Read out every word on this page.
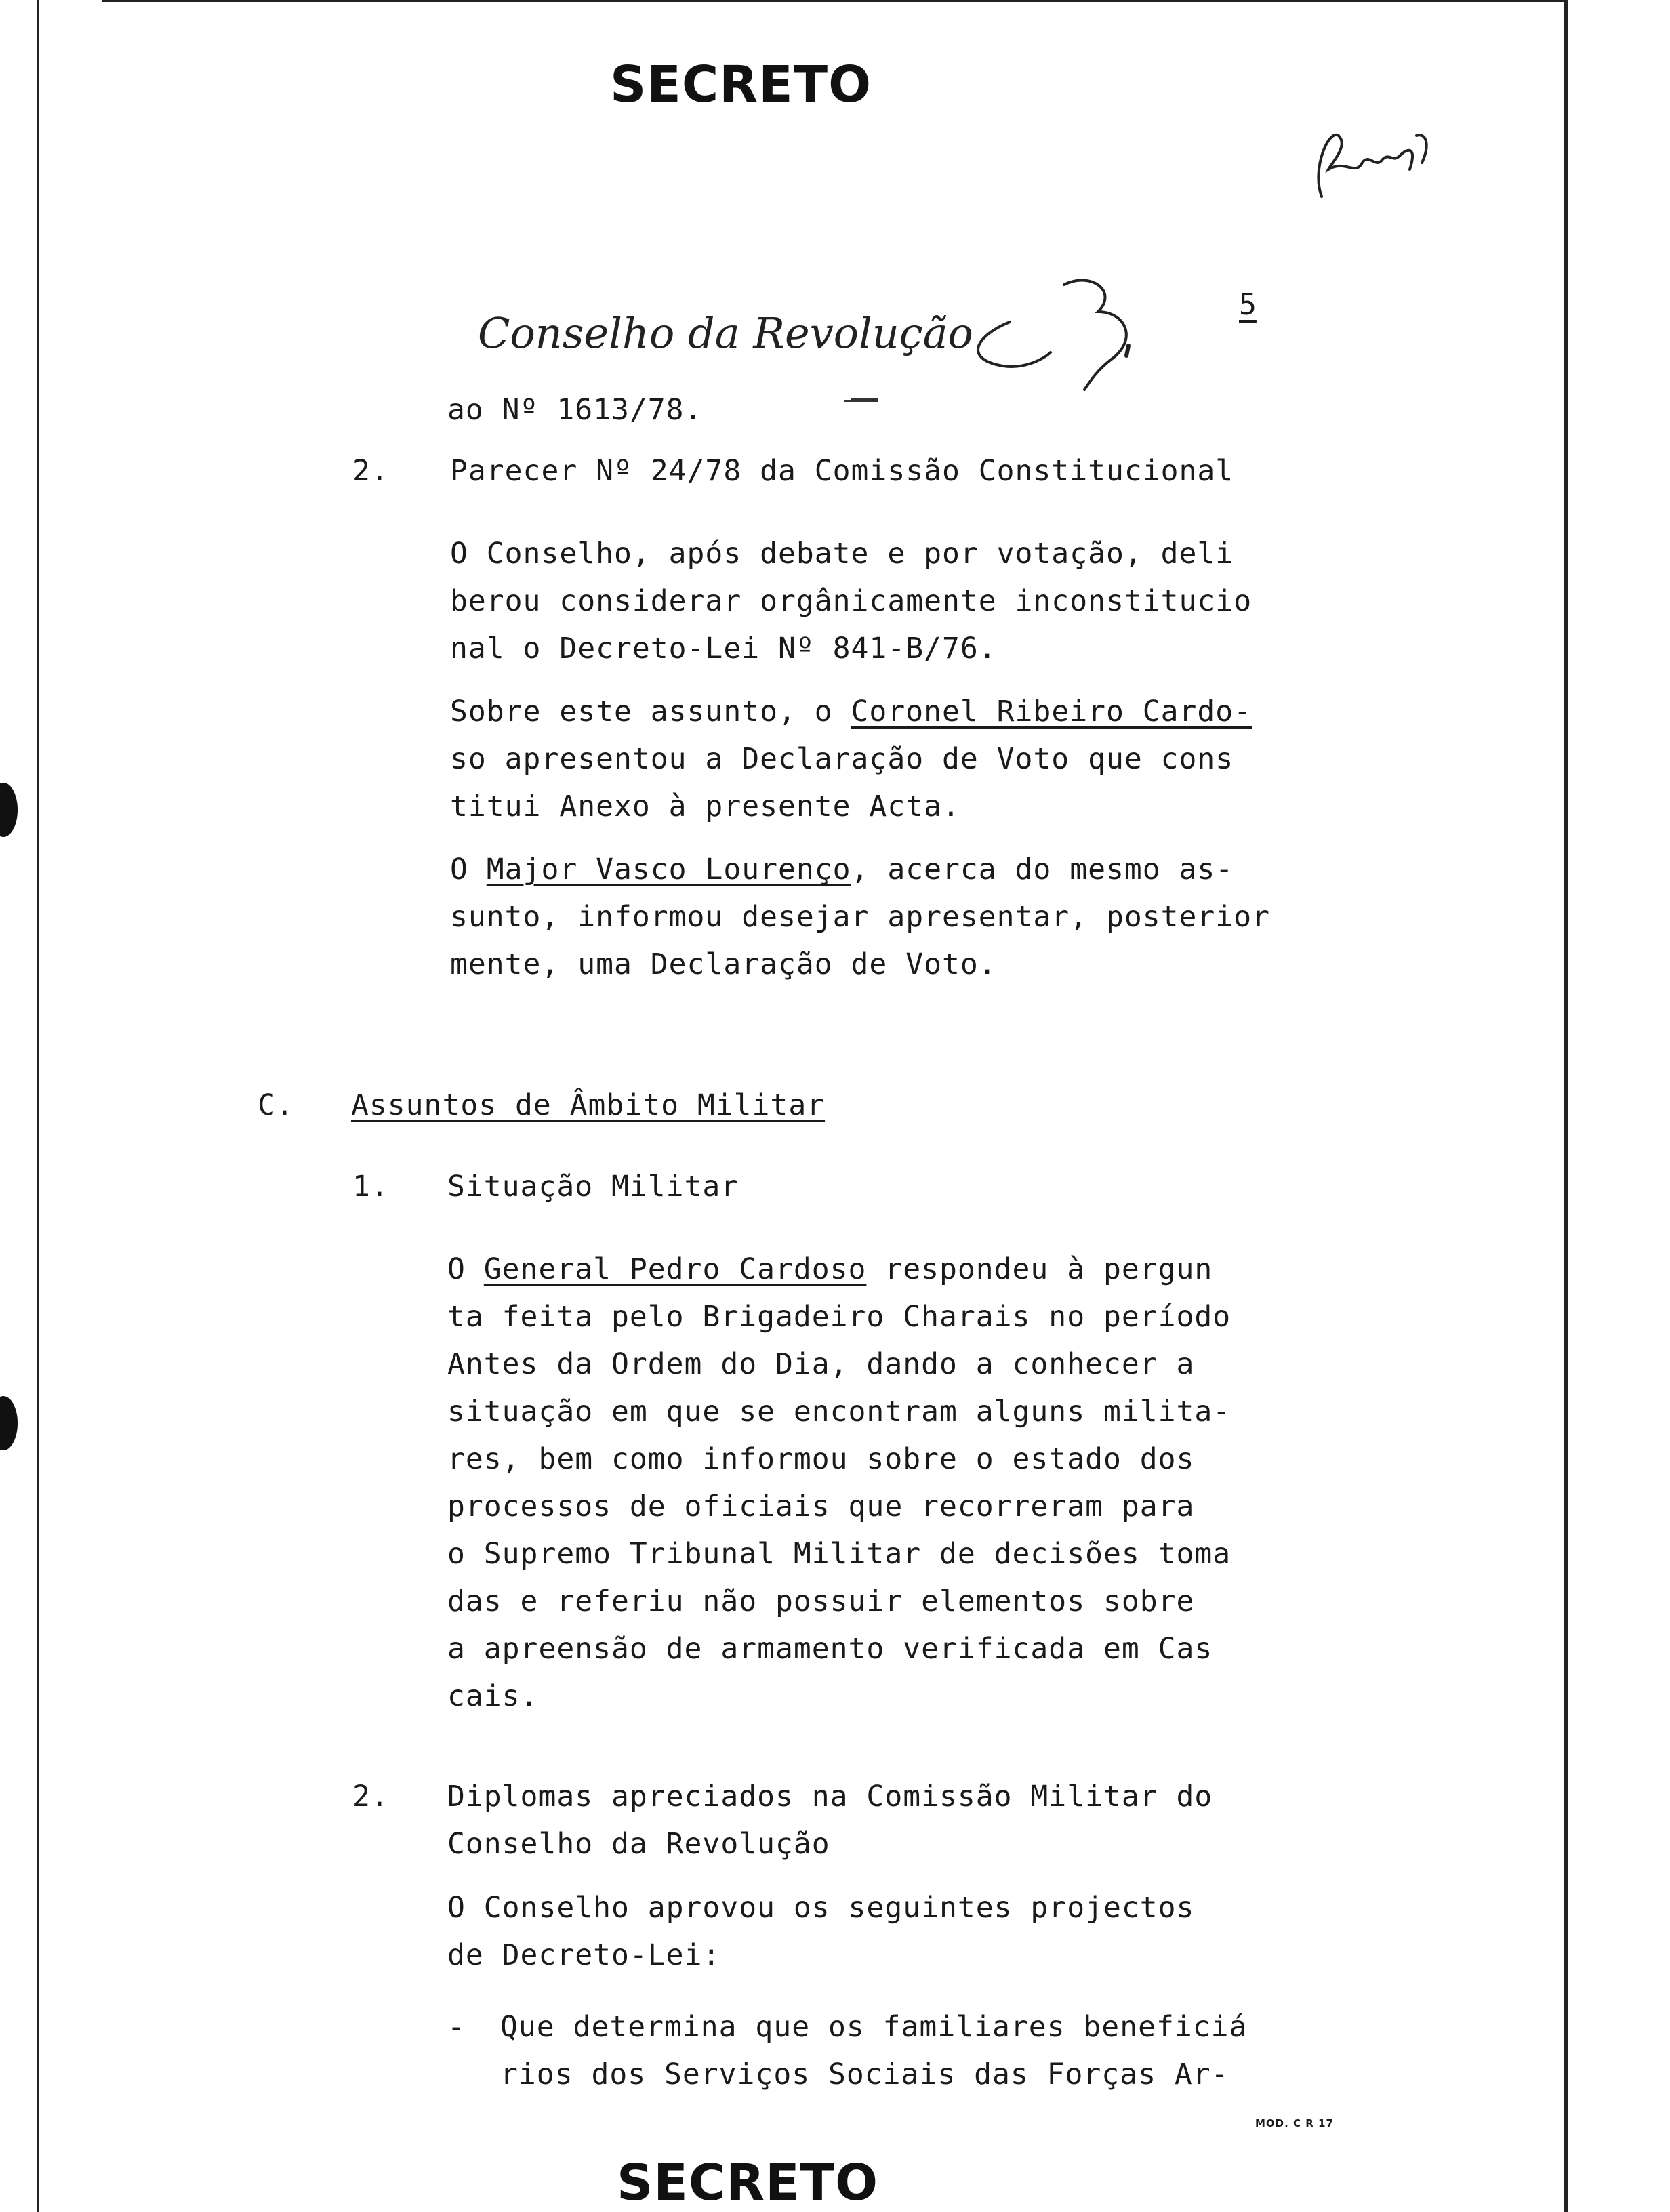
SECRETO
Conselho da Revolução
5
ao Nº 1613/78.
2. Parecer Nº 24/78 da Comissão Constitucional
O Conselho, após debate e por votação, deli
berou considerar orgânicamente inconstitucio
nal o Decreto-Lei Nº 841-B/76.
Sobre este assunto, o Coronel Ribeiro Cardo-
so apresentou a Declaração de Voto que cons
titui Anexo à presente Acta.
O Major Vasco Lourenço, acerca do mesmo as-
sunto, informou desejar apresentar, posterior
mente, uma Declaração de Voto.
C. Assuntos de Âmbito Militar
1. Situação Militar
O General Pedro Cardoso respondeu à pergun
ta feita pelo Brigadeiro Charais no período
Antes da Ordem do Dia, dando a conhecer a
situação em que se encontram alguns milita-
res, bem como informou sobre o estado dos
processos de oficiais que recorreram para
o Supremo Tribunal Militar de decisões toma
das e referiu não possuir elementos sobre
a apreensão de armamento verificada em Cas
cais.
2. Diplomas apreciados na Comissão Militar do
Conselho da Revolução
O Conselho aprovou os seguintes projectos
de Decreto-Lei:
- Que determina que os familiares beneficiá
rios dos Serviços Sociais das Forças Ar-
MOD. C R 17
SECRETO
